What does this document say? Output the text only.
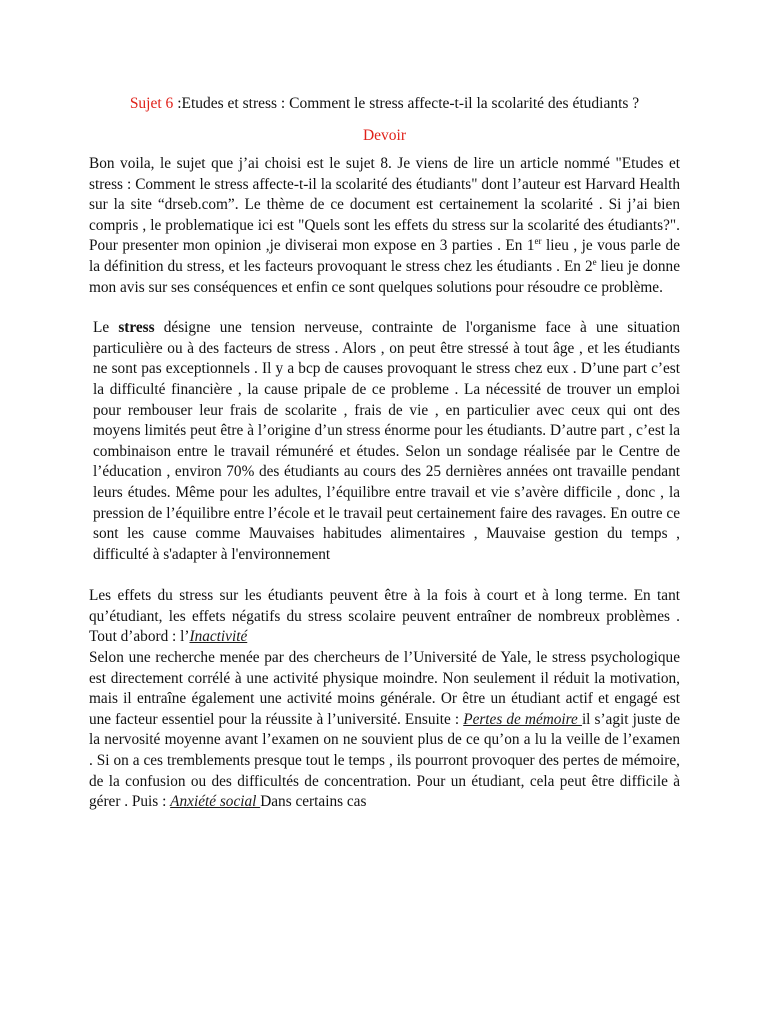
Sujet 6 :Etudes et stress : Comment le stress affecte-t-il la scolarité des étudiants ?

Devoir

Bon voila, le sujet que j’ai choisi est le sujet 8. Je viens de lire un article nommé "Etudes et stress : Comment le stress affecte-t-il la scolarité des étudiants" dont l’auteur est Harvard Health sur la site “drseb.com”. Le thème de ce document est certainement la scolarité . Si j’ai bien compris , le problematique ici est "Quels sont les effets du stress sur la scolarité des étudiants?". Pour presenter mon opinion ,je diviserai mon expose en 3 parties . En 1er lieu , je vous parle de la définition du stress, et les facteurs provoquant le stress chez les étudiants . En 2e lieu je donne mon avis sur ses conséquences et enfin ce sont quelques solutions pour résoudre ce problème.

Le stress désigne une tension nerveuse, contrainte de l'organisme face à une situation particulière ou à des facteurs de stress . Alors , on peut être stressé à tout âge , et les étudiants ne sont pas exceptionnels . Il y a bcp de causes provoquant le stress chez eux . D’une part c’est la difficulté financière , la cause pripale de ce probleme . La nécessité de trouver un emploi pour rembouser leur frais de scolarite , frais de vie , en particulier avec ceux qui ont des moyens limités peut être à l’origine d’un stress énorme pour les étudiants. D’autre part , c’est la combinaison entre le travail rémunéré et études. Selon un sondage réalisée par le Centre de l’éducation , environ 70% des étudiants au cours des 25 dernières années ont travaille pendant leurs études. Même pour les adultes, l’équilibre entre travail et vie s’avère difficile , donc , la pression de l’équilibre entre l’école et le travail peut certainement faire des ravages. En outre ce sont les cause comme Mauvaises habitudes alimentaires , Mauvaise gestion du temps , difficulté à s'adapter à l'environnement

Les effets du stress sur les étudiants peuvent être à la fois à court et à long terme. En tant qu’étudiant, les effets négatifs du stress scolaire peuvent entraîner de nombreux problèmes . Tout d’abord : l’Inactivité
Selon une recherche menée par des chercheurs de l’Université de Yale, le stress psychologique est directement corrélé à une activité physique moindre. Non seulement il réduit la motivation, mais il entraîne également une activité moins générale. Or être un étudiant actif et engagé est une facteur essentiel pour la réussite à l’université. Ensuite : Pertes de mémoire il s’agit juste de la nervosité moyenne avant l’examen on ne souvient plus de ce qu’on a lu la veille de l’examen . Si on a ces tremblements presque tout le temps , ils pourront provoquer des pertes de mémoire, de la confusion ou des difficultés de concentration. Pour un étudiant, cela peut être difficile à gérer . Puis : Anxiété social Dans certains cas
